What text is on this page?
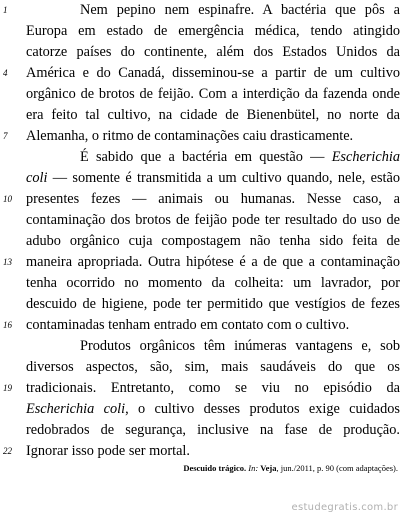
Nem pepino nem espinafre. A bactéria que pôs a
Europa em estado de emergência médica, tendo atingido
catorze países do continente, além dos Estados Unidos da
América e do Canadá, disseminou-se a partir de um cultivo
orgânico de brotos de feijão. Com a interdição da fazenda onde
era feito tal cultivo, na cidade de Bienenbütel, no norte da
Alemanha, o ritmo de contaminações caiu drasticamente.
É sabido que a bactéria em questão — Escherichia
coli — somente é transmitida a um cultivo quando, nele, estão
presentes fezes — animais ou humanas. Nesse caso, a
contaminação dos brotos de feijão pode ter resultado do uso de
adubo orgânico cuja compostagem não tenha sido feita de
maneira apropriada. Outra hipótese é a de que a contaminação
tenha ocorrido no momento da colheita: um lavrador, por
descuido de higiene, pode ter permitido que vestígios de fezes
contaminadas tenham entrado em contato com o cultivo.
Produtos orgânicos têm inúmeras vantagens e, sob
diversos aspectos, são, sim, mais saudáveis do que os
tradicionais. Entretanto, como se viu no episódio da
Escherichia coli, o cultivo desses produtos exige cuidados
redobrados de segurança, inclusive na fase de produção.
Ignorar isso pode ser mortal.
1
4
7
10
13
16
19
22
Descuido trágico. In: Veja, jun./2011, p. 90 (com adaptações).
estudegratis.com.br
